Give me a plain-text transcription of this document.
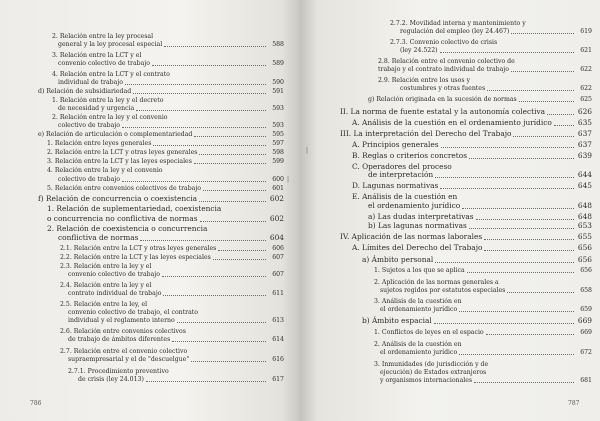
|
786
2. Relación entre la ley procesal
general y la ley procesal especial	588
3. Relación entre la LCT y el
convenio colectivo de trabajo	589
4. Relación entre la LCT y el contrato
individual de trabajo	590
d) Relación de subsidiariedad	591
1. Relación entre la ley y el decreto
de necesidad y urgencia	593
2. Relación entre la ley y el convenio
colectivo de trabajo	593
e) Relación de articulación o complementariedad	595
1. Relación entre leyes generales	597
2. Relación entre la LCT y otras leyes generales	598
3. Relación entre la LCT y las leyes especiales	599
4. Relación entre la ley y el convenio
colectivo de trabajo	600
5. Relación entre convenios colectivos de trabajo	601
f) Relación de concurrencia o coexistencia	602
1. Relación de suplementariedad, coexistencia
o concurrencia no conflictiva de normas	602
2. Relación de coexistencia o concurrencia
conflictiva de normas	604
2.1. Relación entre la LCT y otras leyes generales	606
2.2. Relación entre la LCT y las leyes especiales	607
2.3. Relación entre la ley y el
convenio colectivo de trabajo	607
2.4. Relación entre la ley y el
contrato individual de trabajo	611
2.5. Relación entre la ley, el
convenio colectivo de trabajo, el contrato
individual y el reglamento interno	613
2.6. Relación entre convenios colectivos
de trabajo de ámbitos diferentes	614
2.7. Relación entre el convenio colectivo
supraempresarial y el de "descuelgue"	616
2.7.1. Procedimiento preventivo
de crisis (ley 24.013)	617
|
787
2.7.2. Movilidad interna y mantenimiento y
regulación del empleo (ley 24.467)	619
2.7.3. Convenio colectivo de crisis
(ley 24.522)	621
2.8. Relación entre el convenio colectivo de
trabajo y el contrato individual de trabajo	622
2.9. Relación entre los usos y
costumbres y otras fuentes	622
g) Relación originada en la sucesión de normas	625
II. La norma de fuente estatal y la autonomía colectiva	626
A. Análisis de la cuestión en el ordenamiento jurídico	635
III. La interpretación del Derecho del Trabajo	637
A. Principios generales	637
B. Reglas o criterios concretos	639
C. Operadores del proceso
de interpretación	644
D. Lagunas normativas	645
E. Análisis de la cuestión en
el ordenamiento jurídico	648
a) Las dudas interpretativas	648
b) Las lagunas normativas	653
IV. Aplicación de las normas laborales	655
A. Límites del Derecho del Trabajo	656
a) Ámbito personal	656
1. Sujetos a los que se aplica	656
2. Aplicación de las normas generales a
sujetos regidos por estatutos especiales	658
3. Análisis de la cuestión en
el ordenamiento jurídico	659
b) Ámbito espacial	669
1. Conflictos de leyes en el espacio	669
2. Análisis de la cuestión en
el ordenamiento jurídico	672
3. Inmunidades (de jurisdicción y de
ejecución) de Estados extranjeros
y organismos internacionales	681
